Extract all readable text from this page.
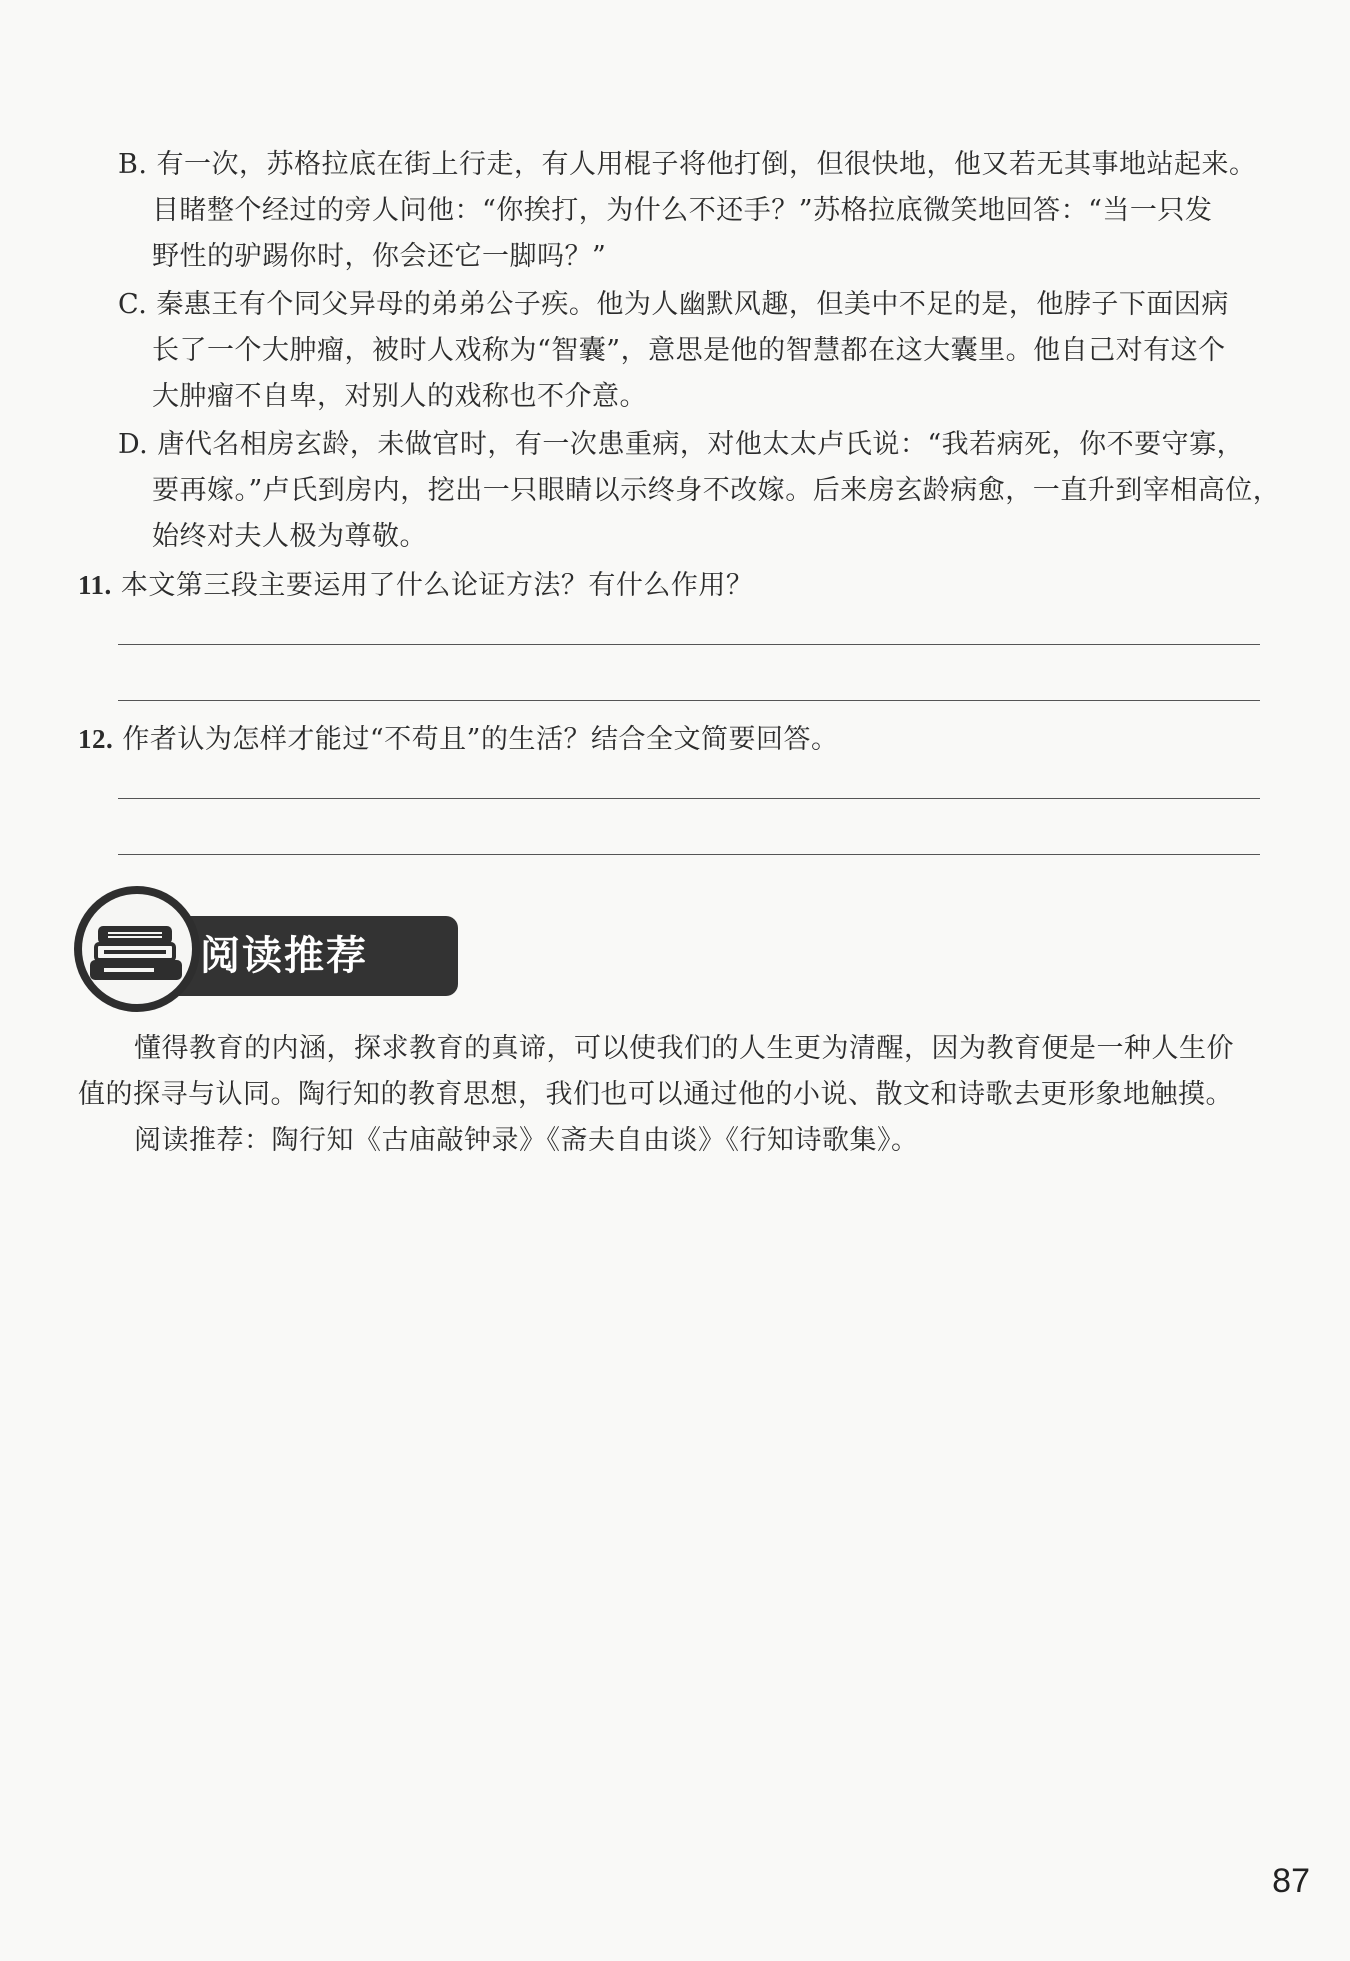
B. 有一次，苏格拉底在街上行走，有人用棍子将他打倒，但很快地，他又若无其事地站起来。
目睹整个经过的旁人问他：“你挨打，为什么不还手？”苏格拉底微笑地回答：“当一只发
野性的驴踢你时，你会还它一脚吗？”
C. 秦惠王有个同父异母的弟弟公子疾。他为人幽默风趣，但美中不足的是，他脖子下面因病
长了一个大肿瘤，被时人戏称为“智囊”，意思是他的智慧都在这大囊里。他自己对有这个
大肿瘤不自卑，对别人的戏称也不介意。
D. 唐代名相房玄龄，未做官时，有一次患重病，对他太太卢氏说：“我若病死，你不要守寡，
要再嫁。”卢氏到房内，挖出一只眼睛以示终身不改嫁。后来房玄龄病愈，一直升到宰相高位，
始终对夫人极为尊敬。
11. 本文第三段主要运用了什么论证方法？有什么作用？
12. 作者认为怎样才能过“不苟且”的生活？结合全文简要回答。
阅读推荐
懂得教育的内涵，探求教育的真谛，可以使我们的人生更为清醒，因为教育便是一种人生价
值的探寻与认同。陶行知的教育思想，我们也可以通过他的小说、散文和诗歌去更形象地触摸。
阅读推荐：陶行知《古庙敲钟录》《斋夫自由谈》《行知诗歌集》。
87
